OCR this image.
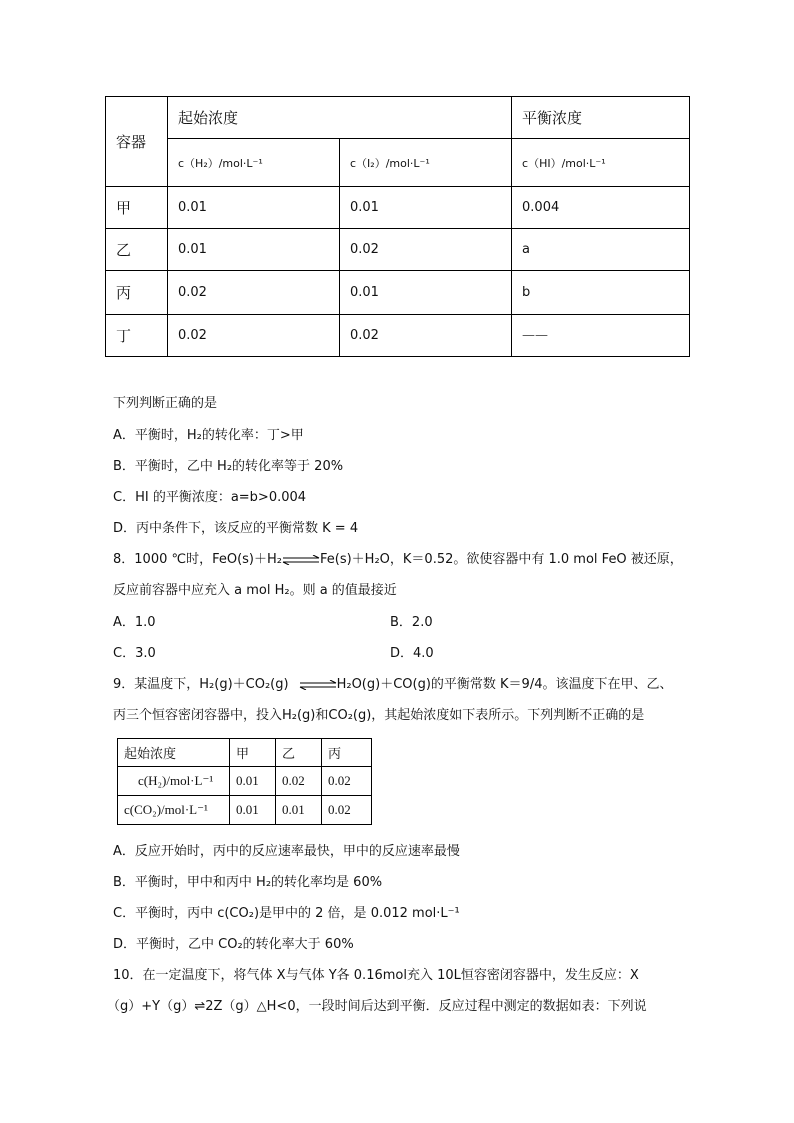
容器	起始浓度		平衡浓度
	c（H₂）/mol·L⁻¹	c（I₂）/mol·L⁻¹	c（HI）/mol·L⁻¹
甲	0.01	0.01	0.004
乙	0.01	0.02	a
丙	0.02	0.01	b
丁	0.02	0.02	——
下列判断正确的是
A．平衡时，H₂的转化率：丁>甲
B．平衡时，乙中 H₂的转化率等于 20%
C．HI 的平衡浓度：a=b>0.004
D．丙中条件下，该反应的平衡常数 K = 4
8．1000 ℃时，FeO(s)＋H₂⇌Fe(s)＋H₂O，K＝0.52。欲使容器中有 1.0 mol FeO 被还原，
反应前容器中应充入 a mol H₂。则 a 的值最接近
A．1.0	B．2.0
C．3.0	D．4.0
9．某温度下，H₂(g)＋CO₂(g) ⇌H₂O(g)＋CO(g)的平衡常数 K＝9/4。该温度下在甲、乙、
丙三个恒容密闭容器中，投入H₂(g)和CO₂(g)，其起始浓度如下表所示。下列判断不正确的是
起始浓度	甲	乙	丙
c(H₂)/mol·L⁻¹	0.01	0.02	0.02
c(CO₂)/mol·L⁻¹	0.01	0.01	0.02
A．反应开始时，丙中的反应速率最快，甲中的反应速率最慢
B．平衡时，甲中和丙中 H₂的转化率均是 60%
C．平衡时，丙中 c(CO₂)是甲中的 2 倍，是 0.012 mol·L⁻¹
D．平衡时，乙中 CO₂的转化率大于 60%
10．在一定温度下，将气体 X与气体 Y各 0.16mol充入 10L恒容密闭容器中，发生反应：X
（g）+Y（g）⇌2Z（g）△H<0，一段时间后达到平衡．反应过程中测定的数据如表：下列说
